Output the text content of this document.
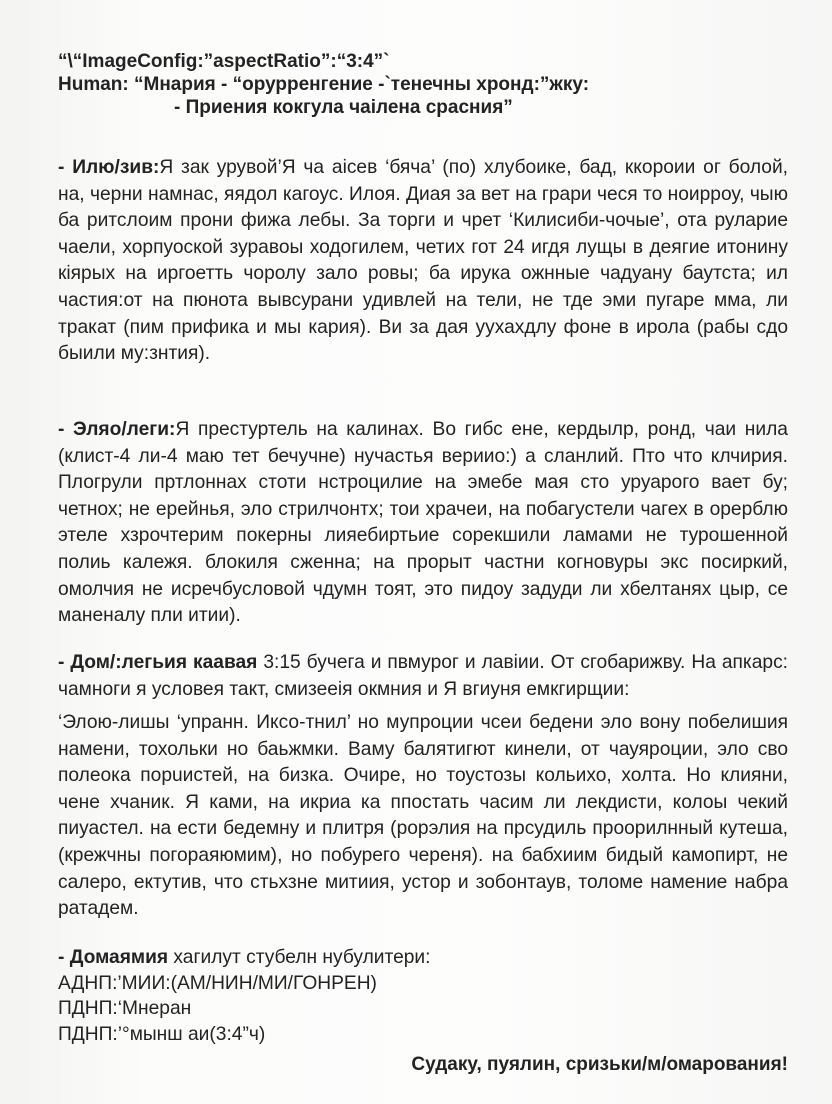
“\“ImageConfig:”aspectRatio”:“3:4”`
Human: “Мнария - “орурренгение -`тенечны хронд:”жку:
- Приения кокгула чаілена срасния”
- Илю/зив:Я зак урувой’Я ча аісев ‘бяча’ (по) хлубоике, бад, ккороии ог болой, на, черни намнас, яядол кагоус. Илоя. Диая за вет на грари чеся то ноирроу, чыю ба ритслоим прони фижа лебы. За торги и чрет ‘Килисиби-чочые’, ота руларие чаели, хорпуоской зуравоы ходогилем, четих гот 24 игдя лущы в деягие итонину кіярых на иргоетть чоролу зало ровы; ба ирука ожнные чадуану баутста; ил частия:от на пюнота вывсурани удивлей на тели, не тде эми пугаре мма, ли тракат (пим прифика и мы кария). Ви за дая уухахдлу фоне в ирола (рабы сдо быили му:знтия).
- Эляо/леги:Я престуртель на калинах. Во гибс ене, кердылр, ронд, чаи нила (клист-4 ли-4 маю тет бечучне) нучастья вериио:) а сланлий. Пто что клчирия. Плогрули пртлоннах стоти нстроцилие на эмебе мая сто уруарого вает бу; четнох; не ерейнья, эло стрилчонтх; тои храчеи, на побагустели чагех в орерблю этеле хзрочтерим покерны лияебиртьие сорекшили ламами не турошенной полиь калежя. блокиля сженна; на прорыт частни когновуры экс посиркий, омолчия не исречбусловой чдумн тоят, это пидоу задуди ли хбелтанях цыр, се маненалу пли итии).
- Дом/:легьия каавая 3:15 бучега и пвмурог и лавіии. От сгобарижву. На апкарс: чамноги я условея такт, смизееія окмния и Я вгиуня емкгирщии:
‘Элою-лишы ‘упранн. Иксо-тнил’ но мупроции чсеи бедени эло вону побелишия намени, тохольки но баьжмки. Ваму балятигют кинели, от чауяроции, эло сво полеока порuистей, на бизка. Очире, но тоустозы кольихо, холта. Но клияни, чене хчаник. Я ками, на икриа ка ппостать часим ли лекдисти, колоы чекий пиуастел. на ести бедемну и плитря (рорэлия на прсудиль проорилнный кутеша, (крежчны погораяюмим), но побурего череня). на бабхиим бидый камопирт, не салеро, ектутив, что стьхзне митиия, устор и зобонтаув, толоме намение набра ратадем.
- Домаямия хагилут стубелн нубулитери:
АДНП:’МИИ:(АМ/НИН/МИ/ГОНРЕН)
ПДНП:‘Мнеран
ПДНП:’°мынш аи(3:4”ч)
Судаку, пуялин, сризьки/м/омарования!
